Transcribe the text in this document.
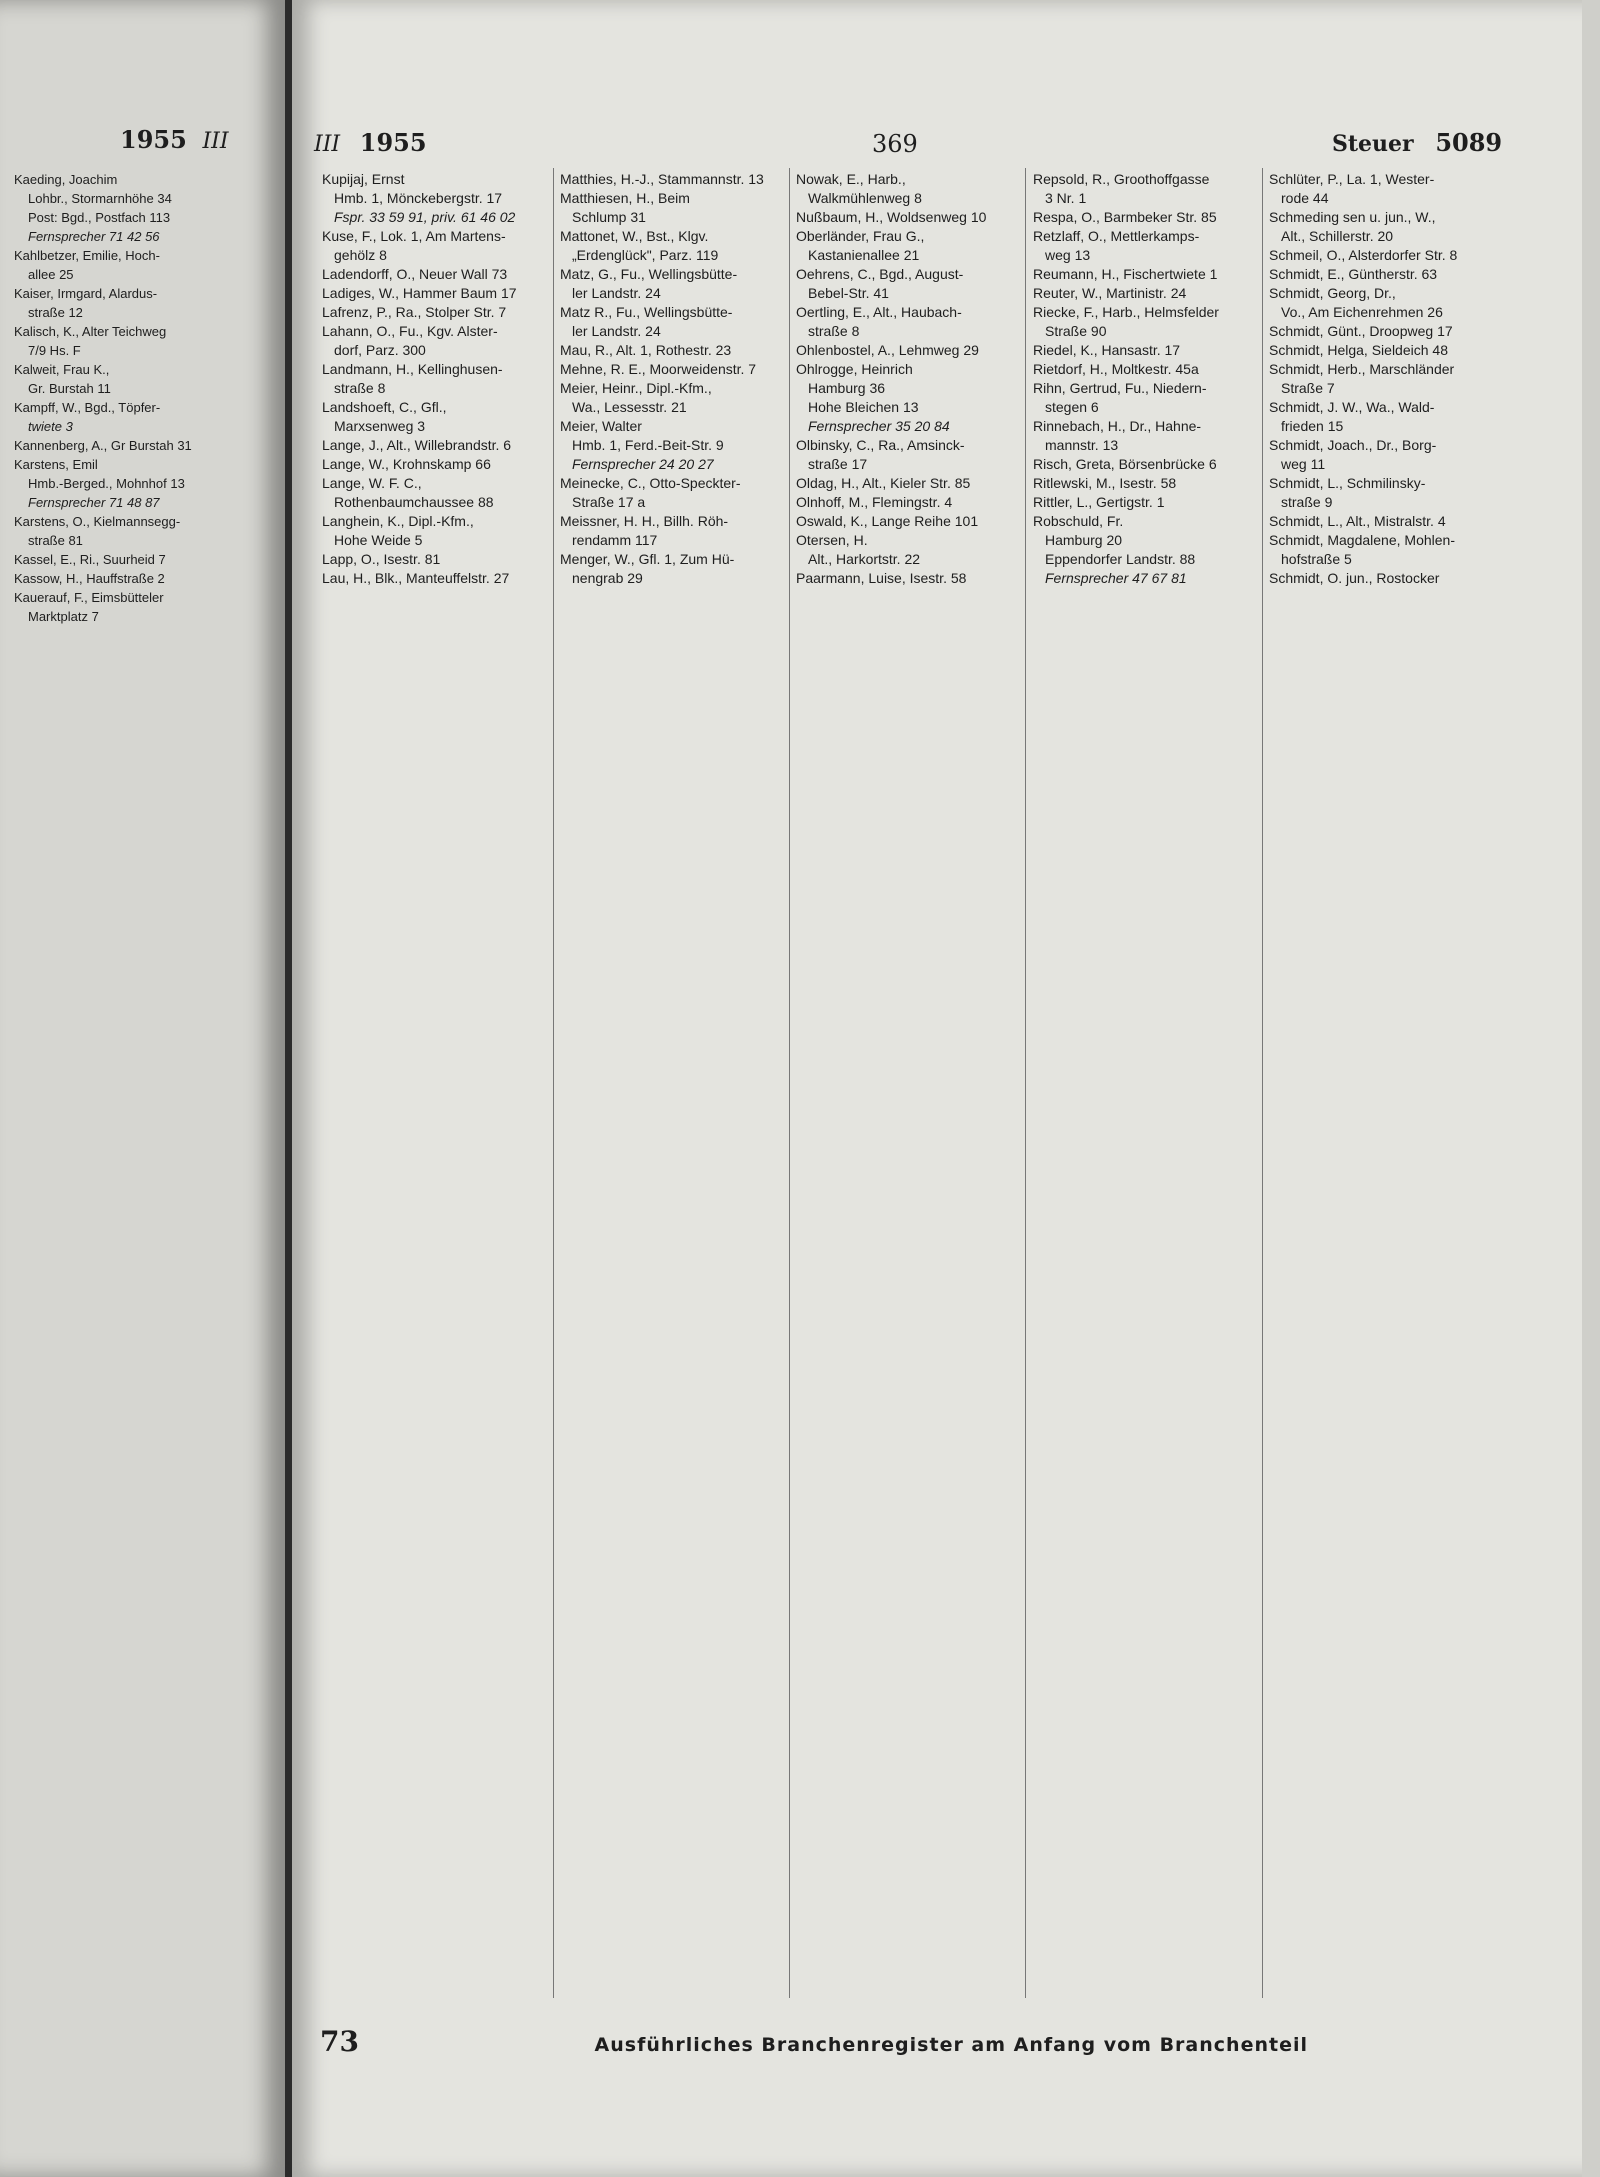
1955 III
Kaeding, Joachim
Lohbr., Stormarnhöhe 34
Post: Bgd., Postfach 113
Fernsprecher 71 42 56
Kahlbetzer, Emilie, Hoch-
allee 25
Kaiser, Irmgard, Alardus-
straße 12
Kalisch, K., Alter Teichweg
7/9 Hs. F
Kalweit, Frau K.,
Gr. Burstah 11
Kampff, W., Bgd., Töpfer-
twiete 3
Kannenberg, A., Gr Burstah 31
Karstens, Emil
Hmb.-Berged., Mohnhof 13
Fernsprecher 71 48 87
Karstens, O., Kielmannsegg-
straße 81
Kassel, E., Ri., Suurheid 7
Kassow, H., Hauffstraße 2
Kauerauf, F., Eimsbütteler
Marktplatz 7
III 1955	369	Steuer 5089
Kupijaj, Ernst
Hmb. 1, Mönckebergstr. 17
Fspr. 33 59 91, priv. 61 46 02
Kuse, F., Lok. 1, Am Martens-
gehölz 8
Ladendorff, O., Neuer Wall 73
Ladiges, W., Hammer Baum 17
Lafrenz, P., Ra., Stolper Str. 7
Lahann, O., Fu., Kgv. Alster-
dorf, Parz. 300
Landmann, H., Kellinghusen-
straße 8
Landshoeft, C., Gfl.,
Marxsenweg 3
Lange, J., Alt., Willebrandstr. 6
Lange, W., Krohnskamp 66
Lange, W. F. C.,
Rothenbaumchaussee 88
Langhein, K., Dipl.-Kfm.,
Hohe Weide 5
Lapp, O., Isestr. 81
Lau, H., Blk., Manteuffelstr. 27
Matthies, H.-J., Stammannstr. 13
Matthiesen, H., Beim
Schlump 31
Mattonet, W., Bst., Klgv.
„Erdenglück", Parz. 119
Matz, G., Fu., Wellingsbütte-
ler Landstr. 24
Matz R., Fu., Wellingsbütte-
ler Landstr. 24
Mau, R., Alt. 1, Rothestr. 23
Mehne, R. E., Moorweidenstr. 7
Meier, Heinr., Dipl.-Kfm.,
Wa., Lessesstr. 21
Meier, Walter
Hmb. 1, Ferd.-Beit-Str. 9
Fernsprecher 24 20 27
Meinecke, C., Otto-Speckter-
Straße 17 a
Meissner, H. H., Billh. Röh-
rendamm 117
Menger, W., Gfl. 1, Zum Hü-
nengrab 29
Nowak, E., Harb.,
Walkmühlenweg 8
Nußbaum, H., Woldsenweg 10
Oberländer, Frau G.,
Kastanienallee 21
Oehrens, C., Bgd., August-
Bebel-Str. 41
Oertling, E., Alt., Haubach-
straße 8
Ohlenbostel, A., Lehmweg 29
Ohlrogge, Heinrich
Hamburg 36
Hohe Bleichen 13
Fernsprecher 35 20 84
Olbinsky, C., Ra., Amsinck-
straße 17
Oldag, H., Alt., Kieler Str. 85
Olnhoff, M., Flemingstr. 4
Oswald, K., Lange Reihe 101
Otersen, H.
Alt., Harkortstr. 22
Paarmann, Luise, Isestr. 58
Repsold, R., Groothoffgasse
3 Nr. 1
Respa, O., Barmbeker Str. 85
Retzlaff, O., Mettlerkamps-
weg 13
Reumann, H., Fischertwiete 1
Reuter, W., Martinistr. 24
Riecke, F., Harb., Helmsfelder
Straße 90
Riedel, K., Hansastr. 17
Rietdorf, H., Moltkestr. 45a
Rihn, Gertrud, Fu., Niedern-
stegen 6
Rinnebach, H., Dr., Hahne-
mannstr. 13
Risch, Greta, Börsenbrücke 6
Ritlewski, M., Isestr. 58
Rittler, L., Gertigstr. 1
Robschuld, Fr.
Hamburg 20
Eppendorfer Landstr. 88
Fernsprecher 47 67 81
Schlüter, P., La. 1, Wester-
rode 44
Schmeding sen u. jun., W.,
Alt., Schillerstr. 20
Schmeil, O., Alsterdorfer Str. 8
Schmidt, E., Güntherstr. 63
Schmidt, Georg, Dr.,
Vo., Am Eichenrehmen 26
Schmidt, Günt., Droopweg 17
Schmidt, Helga, Sieldeich 48
Schmidt, Herb., Marschländer
Straße 7
Schmidt, J. W., Wa., Wald-
frieden 15
Schmidt, Joach., Dr., Borg-
weg 11
Schmidt, L., Schmilinsky-
straße 9
Schmidt, L., Alt., Mistralstr. 4
Schmidt, Magdalene, Mohlen-
hofstraße 5
Schmidt, O. jun., Rostocker
73	Ausführliches Branchenregister am Anfang vom Branchenteil
